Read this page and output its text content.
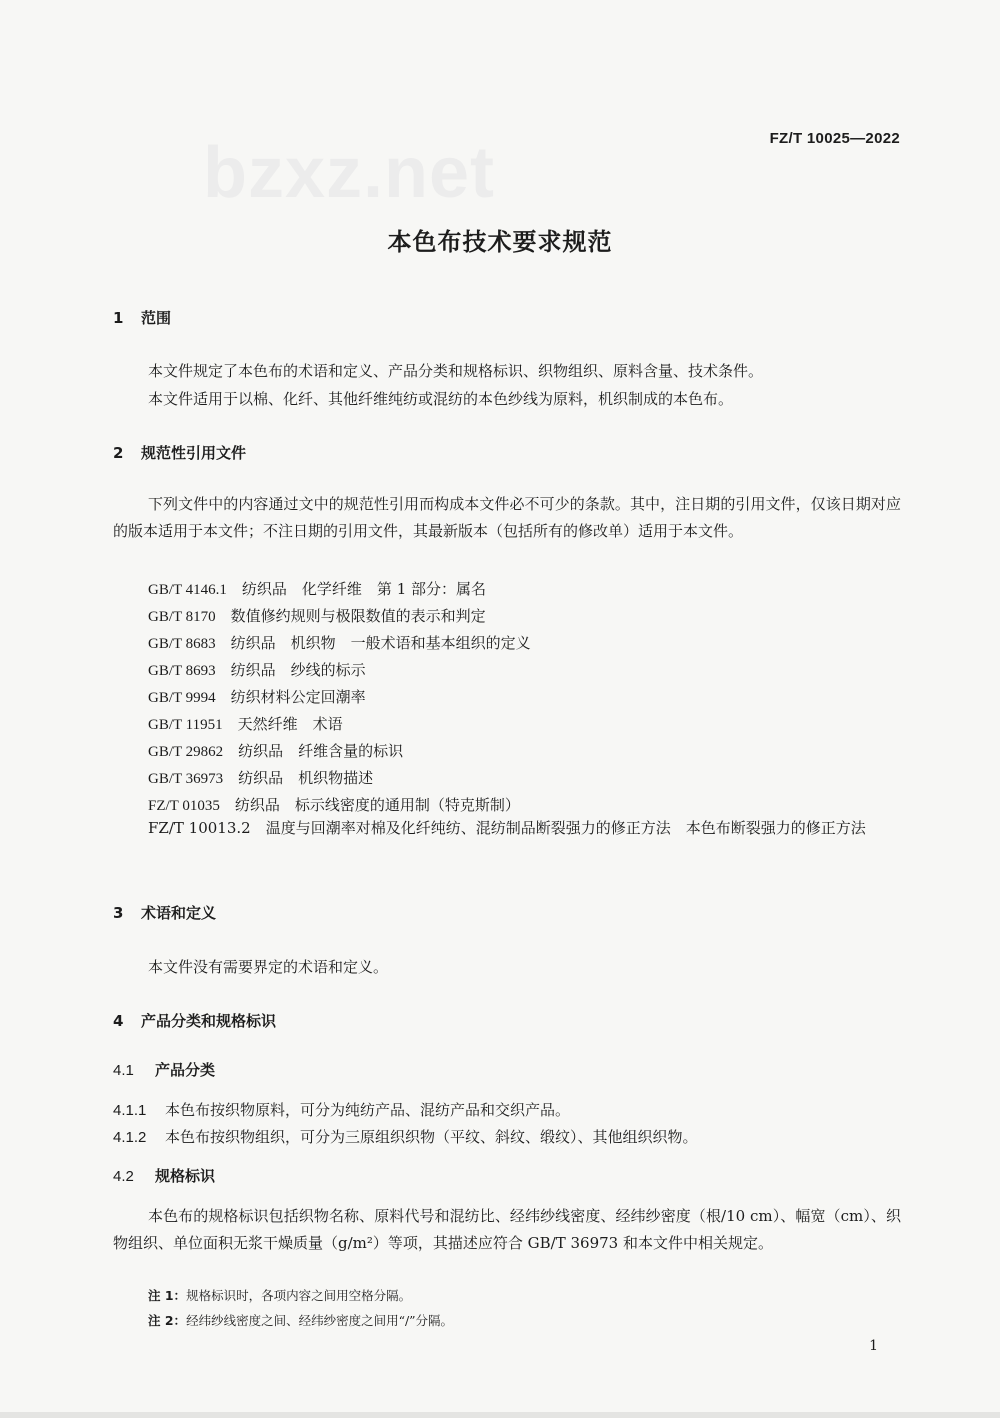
bzxz.net	FZ/T 10025—2022
本色布技术要求规范
1 范围
本文件规定了本色布的术语和定义、产品分类和规格标识、织物组织、原料含量、技术条件。
本文件适用于以棉、化纤、其他纤维纯纺或混纺的本色纱线为原料，机织制成的本色布。
2 规范性引用文件
下列文件中的内容通过文中的规范性引用而构成本文件必不可少的条款。其中，注日期的引用文件，仅该日期对应的版本适用于本文件；不注日期的引用文件，其最新版本（包括所有的修改单）适用于本文件。
GB/T 4146.1　 纺织品　化学纤维　第 1 部分：属名
GB/T 8170　 数值修约规则与极限数值的表示和判定
GB/T 8683　 纺织品　机织物　一般术语和基本组织的定义
GB/T 8693　 纺织品　纱线的标示
GB/T 9994　 纺织材料公定回潮率
GB/T 11951　 天然纤维　术语
GB/T 29862　 纺织品　纤维含量的标识
GB/T 36973　 纺织品　机织物描述
FZ/T 01035　 纺织品　标示线密度的通用制（特克斯制）
FZ/T 10013.2　 温度与回潮率对棉及化纤纯纺、混纺制品断裂强力的修正方法　本色布断裂强力的修正方法
3 术语和定义
本文件没有需要界定的术语和定义。
4 产品分类和规格标识
4.1 产品分类
4.1.1 本色布按织物原料，可分为纯纺产品、混纺产品和交织产品。
4.1.2 本色布按织物组织，可分为三原组织织物（平纹、斜纹、缎纹）、其他组织织物。
4.2 规格标识
本色布的规格标识包括织物名称、原料代号和混纺比、经纬纱线密度、经纬纱密度（根/10 cm）、幅宽（cm）、织物组织、单位面积无浆干燥质量（g/m²）等项，其描述应符合 GB/T 36973 和本文件中相关规定。
注 1：规格标识时，各项内容之间用空格分隔。
注 2：经纬纱线密度之间、经纬纱密度之间用“/”分隔。
1
